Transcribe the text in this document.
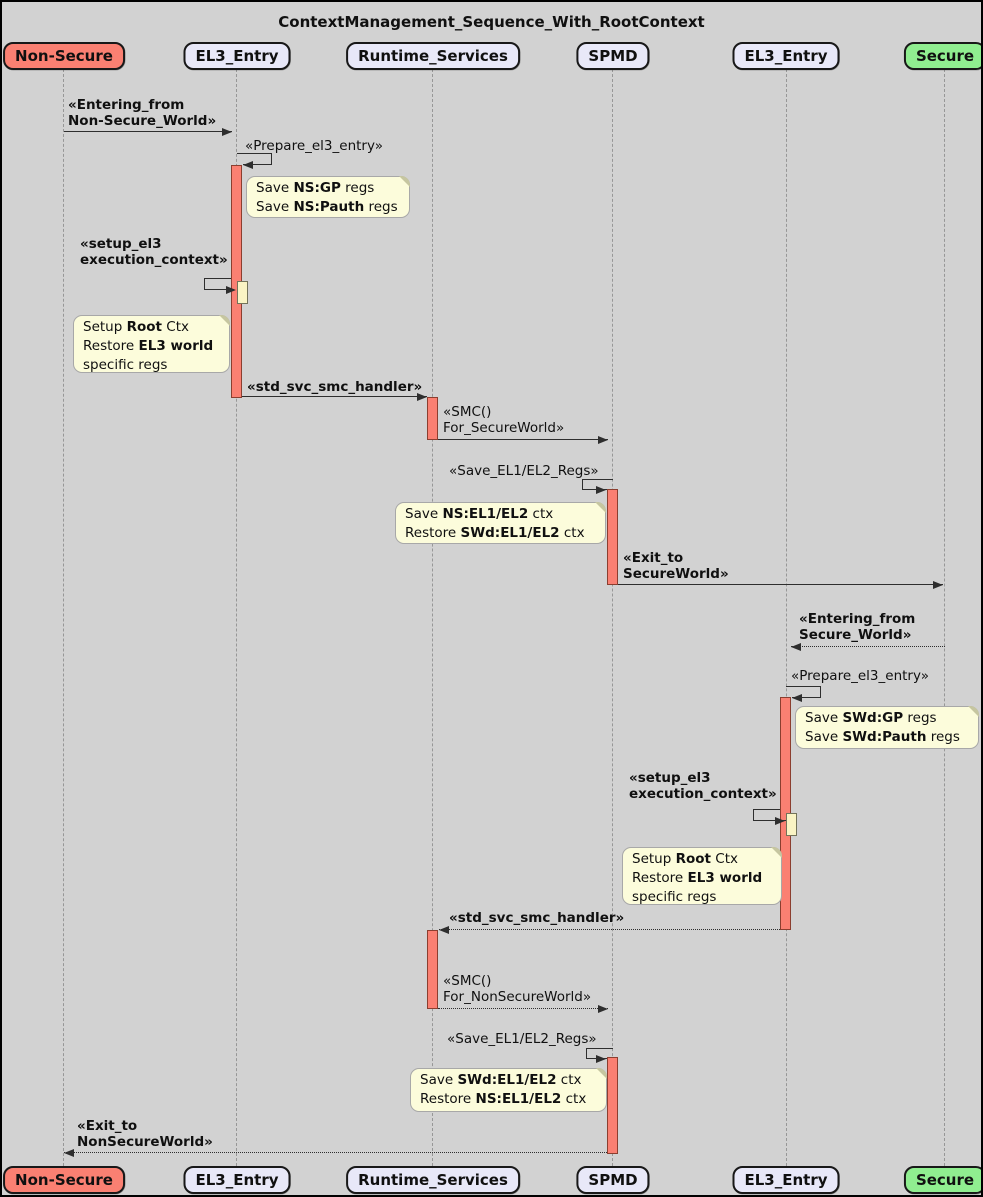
ContextManagement_Sequence_With_RootContext
Non-Secure	EL3_Entry	Runtime_Services	SPMD	EL3_Entry	Secure
Non-Secure	EL3_Entry	Runtime_Services	SPMD	EL3_Entry	Secure
«Entering_from
Non-Secure_World»
«Prepare_el3_entry»
Save NS:GP regs
Save NS:Pauth regs
«setup_el3
execution_context»
Setup Root Ctx
Restore EL3 world
specific regs
«std_svc_smc_handler»
«SMC()
For_SecureWorld»
«Save_EL1/EL2_Regs»
Save NS:EL1/EL2 ctx
Restore SWd:EL1/EL2 ctx
«Exit_to
SecureWorld»
«Entering_from
Secure_World»
«Prepare_el3_entry»
Save SWd:GP regs
Save SWd:Pauth regs
«setup_el3
execution_context»
Setup Root Ctx
Restore EL3 world
specific regs
«std_svc_smc_handler»
«SMC()
For_NonSecureWorld»
«Save_EL1/EL2_Regs»
Save SWd:EL1/EL2 ctx
Restore NS:EL1/EL2 ctx
«Exit_to
NonSecureWorld»
